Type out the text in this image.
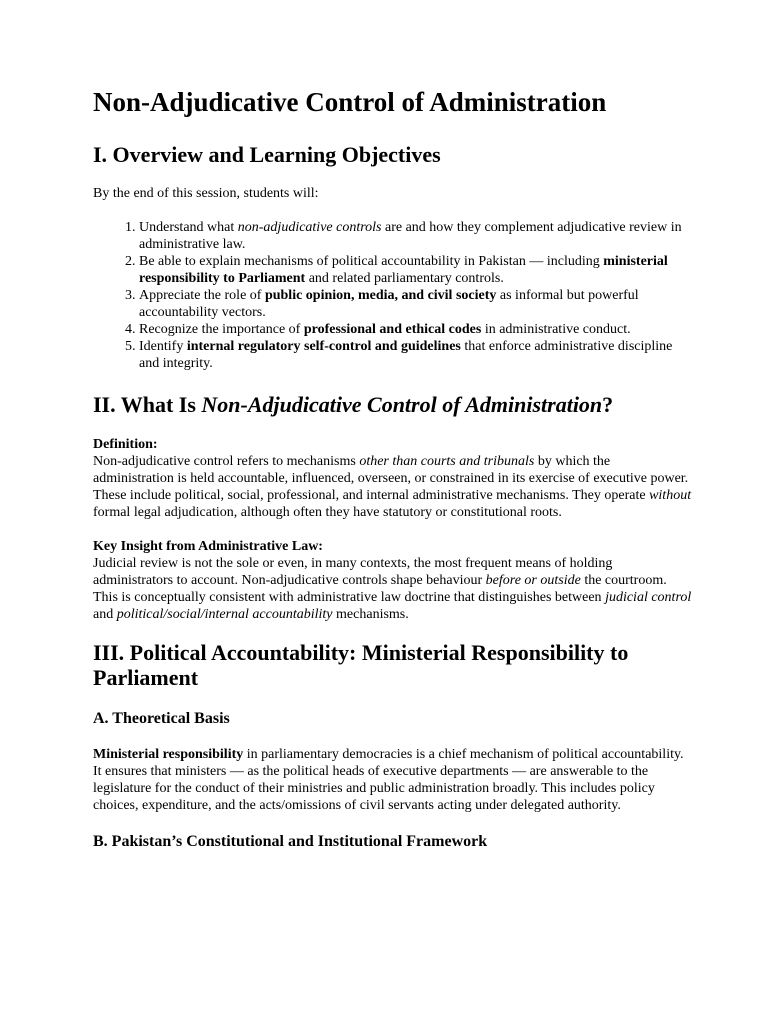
Non-Adjudicative Control of Administration
I. Overview and Learning Objectives

By the end of this session, students will:

1. Understand what non-adjudicative controls are and how they complement adjudicative review in administrative law.
2. Be able to explain mechanisms of political accountability in Pakistan — including ministerial responsibility to Parliament and related parliamentary controls.
3. Appreciate the role of public opinion, media, and civil society as informal but powerful accountability vectors.
4. Recognize the importance of professional and ethical codes in administrative conduct.
5. Identify internal regulatory self-control and guidelines that enforce administrative discipline and integrity.
II. What Is Non-Adjudicative Control of Administration?

Definition:
Non-adjudicative control refers to mechanisms other than courts and tribunals by which the administration is held accountable, influenced, overseen, or constrained in its exercise of executive power. These include political, social, professional, and internal administrative mechanisms. They operate without formal legal adjudication, although often they have statutory or constitutional roots.

Key Insight from Administrative Law:
Judicial review is not the sole or even, in many contexts, the most frequent means of holding administrators to account. Non-adjudicative controls shape behaviour before or outside the courtroom. This is conceptually consistent with administrative law doctrine that distinguishes between judicial control and political/social/internal accountability mechanisms.

III. Political Accountability: Ministerial Responsibility to Parliament
A. Theoretical Basis

Ministerial responsibility in parliamentary democracies is a chief mechanism of political accountability. It ensures that ministers — as the political heads of executive departments — are answerable to the legislature for the conduct of their ministries and public administration broadly. This includes policy choices, expenditure, and the acts/omissions of civil servants acting under delegated authority.

B. Pakistan’s Constitutional and Institutional Framework
